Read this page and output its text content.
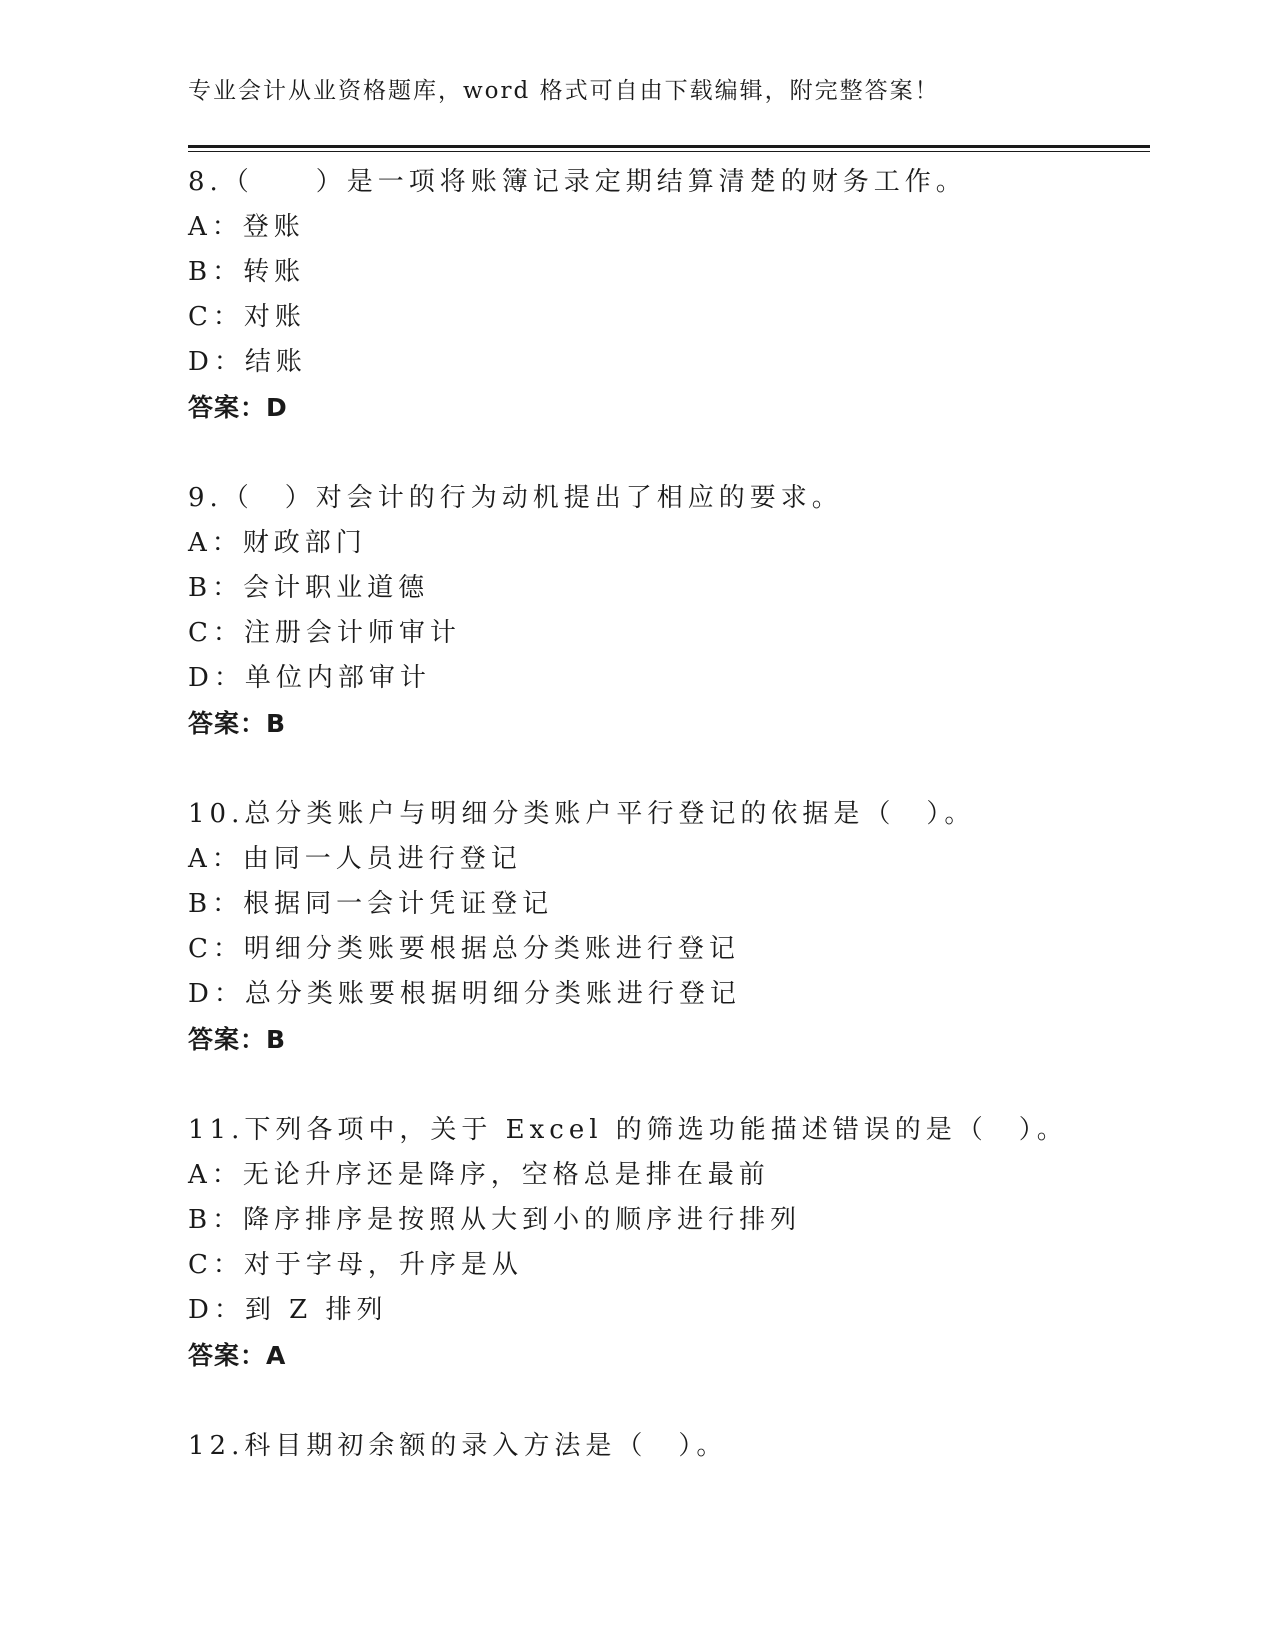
专业会计从业资格题库，word 格式可自由下载编辑，附完整答案！
8.（　　）是一项将账簿记录定期结算清楚的财务工作。
A：登账
B：转账
C：对账
D：结账
答案：D
9.（　）对会计的行为动机提出了相应的要求。
A：财政部门
B：会计职业道德
C：注册会计师审计
D：单位内部审计
答案：B
10.总分类账户与明细分类账户平行登记的依据是（　）。
A：由同一人员进行登记
B：根据同一会计凭证登记
C：明细分类账要根据总分类账进行登记
D：总分类账要根据明细分类账进行登记
答案：B
11.下列各项中，关于 Excel 的筛选功能描述错误的是（　）。
A：无论升序还是降序，空格总是排在最前
B：降序排序是按照从大到小的顺序进行排列
C：对于字母，升序是从
D：到 Z 排列
答案：A
12.科目期初余额的录入方法是（　）。
